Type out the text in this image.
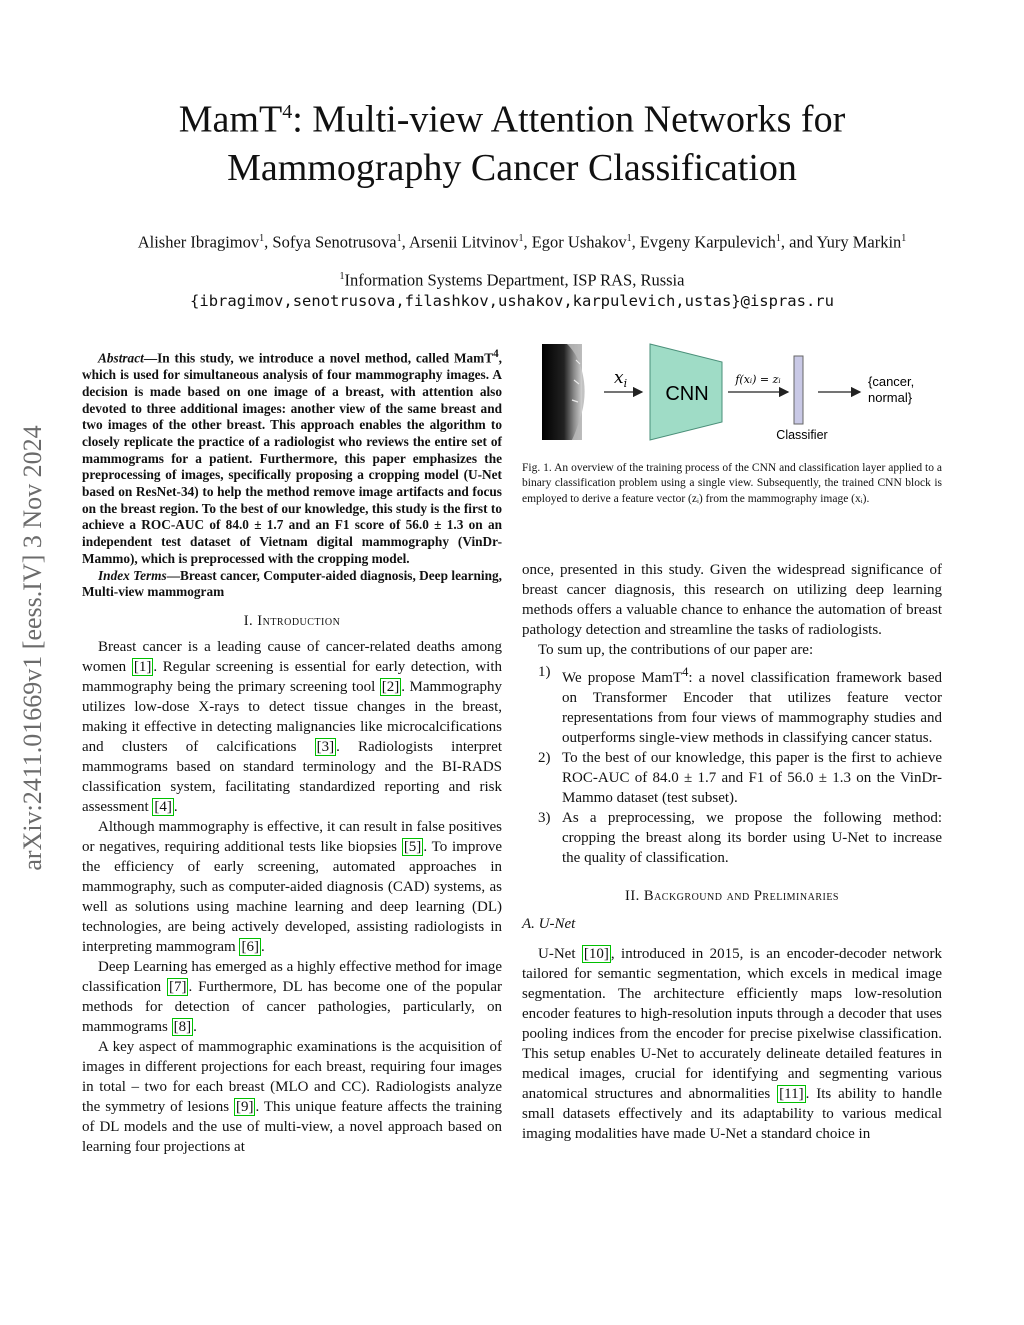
arXiv:2411.01669v1 [eess.IV] 3 Nov 2024
MamT$^4$: Multi-view Attention Networks for
Mammography Cancer Classification
Alisher Ibragimov$^1$, Sofya Senotrusova$^1$, Arsenii Litvinov$^1$, Egor Ushakov$^1$, Evgeny Karpulevich$^1$, and Yury Markin$^1$
$^1$Information Systems Department, ISP RAS, Russia
{ibragimov,senotrusova,filashkov,ushakov,karpulevich,ustas}@ispras.ru

Abstract—In this study, we introduce a novel method, called MamT$^4$, which is used for simultaneous analysis of four mammography images. A decision is made based on one image of a breast, with attention also devoted to three additional images: another view of the same breast and two images of the other breast. This approach enables the algorithm to closely replicate the practice of a radiologist who reviews the entire set of mammograms for a patient. Furthermore, this paper emphasizes the preprocessing of images, specifically proposing a cropping model (U-Net based on ResNet-34) to help the method remove image artifacts and focus on the breast region. To the best of our knowledge, this study is the first to achieve a ROC-AUC of 84.0 ± 1.7 and an F1 score of 56.0 ± 1.3 on an independent test dataset of Vietnam digital mammography (VinDr-Mammo), which is preprocessed with the cropping model.

Index Terms—Breast cancer, Computer-aided diagnosis, Deep learning, Multi-view mammogram

I. Introduction

Breast cancer is a leading cause of cancer-related deaths among women [1] . Regular screening is essential for early detection, with mammography being the primary screening tool [2] . Mammography utilizes low-dose X-rays to detect tissue changes in the breast, making it effective in detecting malignancies like microcalcifications and clusters of calcifications [3] . Radiologists interpret mammograms based on standard terminology and the BI-RADS classification system, facilitating standardized reporting and risk assessment [4] .

Although mammography is effective, it can result in false positives or negatives, requiring additional tests like biopsies [5] . To improve the efficiency of early screening, automated approaches in mammography, such as computer-aided diagnosis (CAD) systems, as well as solutions using machine learning and deep learning (DL) technologies, are being actively developed, assisting radiologists in interpreting mammogram [6] .

Deep Learning has emerged as a highly effective method for image classification [7] . Furthermore, DL has become one of the popular methods for detection of cancer pathologies, particularly, on mammograms [8] .

A key aspect of mammographic examinations is the acquisition of images in different projections for each breast, requiring four images in total – two for each breast (MLO and CC). Radiologists analyze the symmetry of lesions [9] . This unique feature affects the training of DL models and the use of multi-view, a novel approach based on learning four projections at

$x_i$ CNN
f(xᵢ) = zᵢ
Classifier
{cancer,
normal}
Fig. 1. An overview of the training process of the CNN and classification layer applied to a binary classification problem using a single view. Subsequently, the trained CNN block is employed to derive a feature vector (zᵢ) from the mammography image (xᵢ).

once, presented in this study. Given the widespread significance of breast cancer diagnosis, this research on utilizing deep learning methods offers a valuable chance to enhance the automation of breast pathology detection and streamline the tasks of radiologists.

To sum up, the contributions of our paper are:

1) We propose MamT$^4$: a novel classification framework based on Transformer Encoder that utilizes feature vector representations from four views of mammography studies and outperforms single-view methods in classifying cancer status.
2) To the best of our knowledge, this paper is the first to achieve ROC-AUC of 84.0 ± 1.7 and F1 of 56.0 ± 1.3 on the VinDr-Mammo dataset (test subset).
3) As a preprocessing, we propose the following method: cropping the breast along its border using U-Net to increase the quality of classification.
II. Background and Preliminaries
A. U-Net

U-Net [10] , introduced in 2015, is an encoder-decoder network tailored for semantic segmentation, which excels in medical image segmentation. The architecture efficiently maps low-resolution encoder features to high-resolution inputs through a decoder that uses pooling indices from the encoder for precise pixelwise classification. This setup enables U-Net to accurately delineate detailed features in medical images, crucial for identifying and segmenting various anatomical structures and abnormalities [11] . Its ability to handle small datasets effectively and its adaptability to various medical imaging modalities have made U-Net a standard choice in
